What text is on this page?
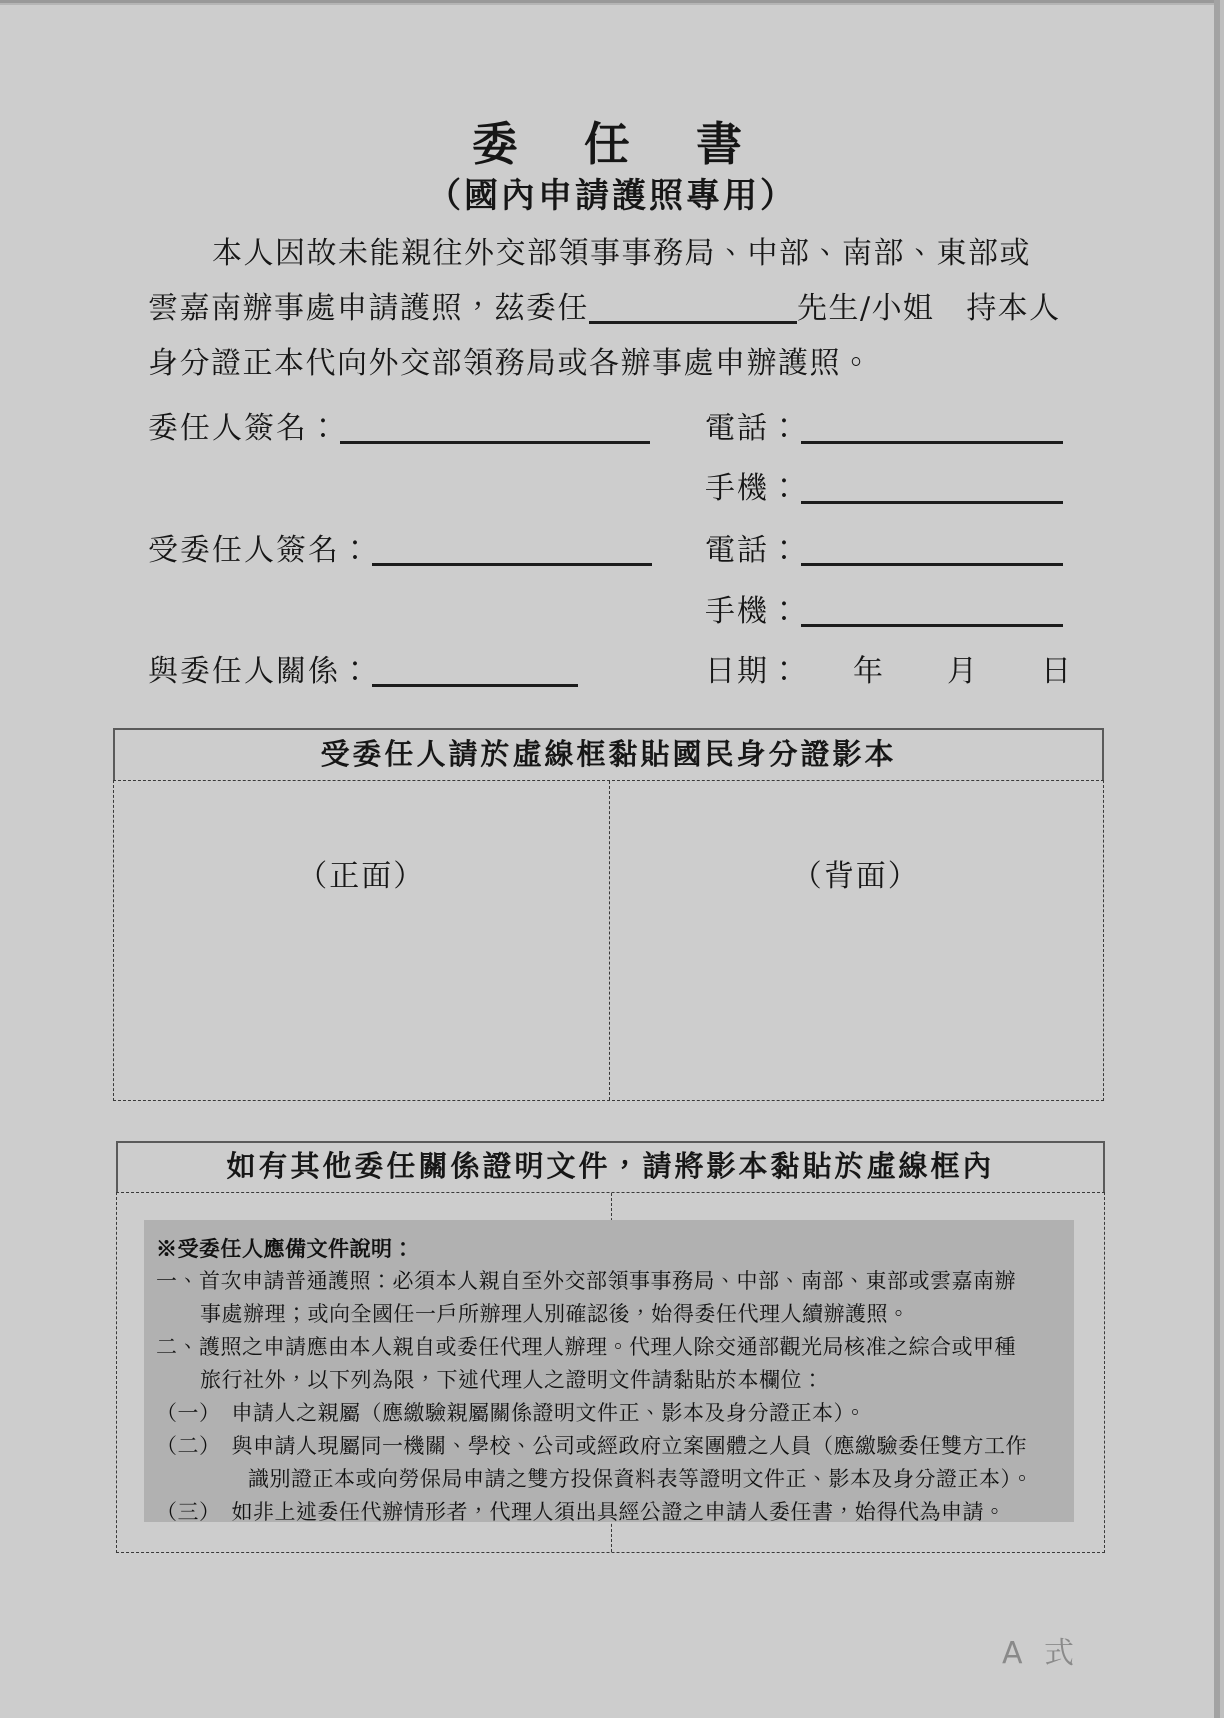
委　任　書
（國內申請護照專用）
本人因故未能親往外交部領事事務局、中部、南部、東部或
雲嘉南辦事處申請護照，茲委任	先生/小姐　持本人
身分證正本代向外交部領務局或各辦事處申辦護照。
委任人簽名：	電話：
手機：
受委任人簽名：	電話：
手機：
與委任人關係：	日期： 年 月 日
受委任人請於虛線框黏貼國民身分證影本
（正面）	（背面）
如有其他委任關係證明文件，請將影本黏貼於虛線框內
※受委任人應備文件說明：
一、首次申請普通護照：必須本人親自至外交部領事事務局、中部、南部、東部或雲嘉南辦
事處辦理；或向全國任一戶所辦理人別確認後，始得委任代理人續辦護照。
二、護照之申請應由本人親自或委任代理人辦理。代理人除交通部觀光局核准之綜合或甲種
旅行社外，以下列為限，下述代理人之證明文件請黏貼於本欄位：
（一）　申請人之親屬（應繳驗親屬關係證明文件正、影本及身分證正本）。
（二）　與申請人現屬同一機關、學校、公司或經政府立案團體之人員（應繳驗委任雙方工作
識別證正本或向勞保局申請之雙方投保資料表等證明文件正、影本及身分證正本）。
（三）　如非上述委任代辦情形者，代理人須出具經公證之申請人委任書，始得代為申請。
A 式
